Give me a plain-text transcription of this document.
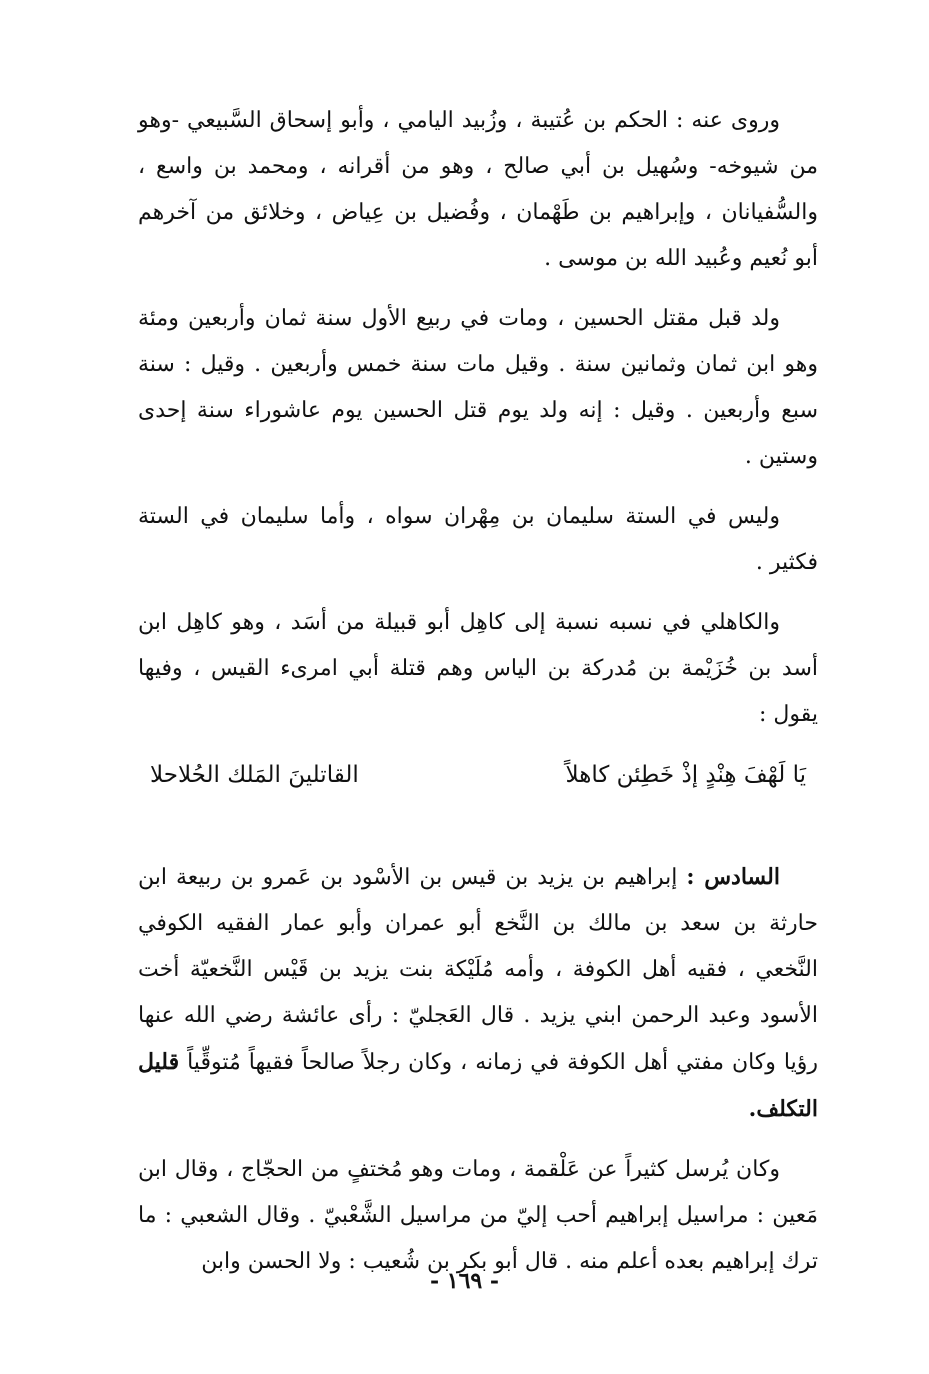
وروى عنه : الحكم بن عُتيبة ، وزُبيد اليامي ، وأبو إسحاق السَّبيعي -وهو من شيوخه- وسُهيل بن أبي صالح ، وهو من أقرانه ، ومحمد بن واسع ، والسُّفيانان ، وإبراهيم بن طَهْمان ، وفُضيل بن عِياض ، وخلائق من آخرهم أبو نُعيم وعُبيد الله بن موسى .

ولد قبل مقتل الحسين ، ومات في ربيع الأول سنة ثمان وأربعين ومئة وهو ابن ثمان وثمانين سنة . وقيل مات سنة خمس وأربعين . وقيل : سنة سبع وأربعين . وقيل : إنه ولد يوم قتل الحسين يوم عاشوراء سنة إحدى وستين .

وليس في الستة سليمان بن مِهْران سواه ، وأما سليمان في الستة فكثير .

والكاهلي في نسبه نسبة إلى كاهِل أبو قبيلة من أسَد ، وهو كاهِل ابن أسد بن خُزَيْمة بن مُدركة بن الياس وهم قتلة أبي امرىء القيس ، وفيها يقول :

يَا لَهْفَ هِنْدٍ إذْ خَطِئن كاهلاً
القاتلينَ المَلك الحُلاحلا

السادس : إبراهيم بن يزيد بن قيس بن الأسْود بن عَمرو بن ربيعة ابن حارثة بن سعد بن مالك بن النَّخع أبو عمران وأبو عمار الفقيه الكوفي النَّخعي ، فقيه أهل الكوفة ، وأمه مُلَيْكة بنت يزيد بن قَيْس النَّخعيّة أخت الأسود وعبد الرحمن ابني يزيد . قال العَجليّ : رأى عائشة رضي الله عنها رؤيا وكان مفتي أهل الكوفة في زمانه ، وكان رجلاً صالحاً فقيهاً مُتوقِّياً قليل التكلف.

وكان يُرسل كثيراً عن عَلْقمة ، ومات وهو مُختفٍ من الحجّاج ، وقال ابن مَعين : مراسيل إبراهيم أحب إليّ من مراسيل الشَّعْبيّ . وقال الشعبي : ما ترك إبراهيم بعده أعلم منه . قال أبو بكر بن شُعيب : ولا الحسن وابن

- ١٦٩ -
